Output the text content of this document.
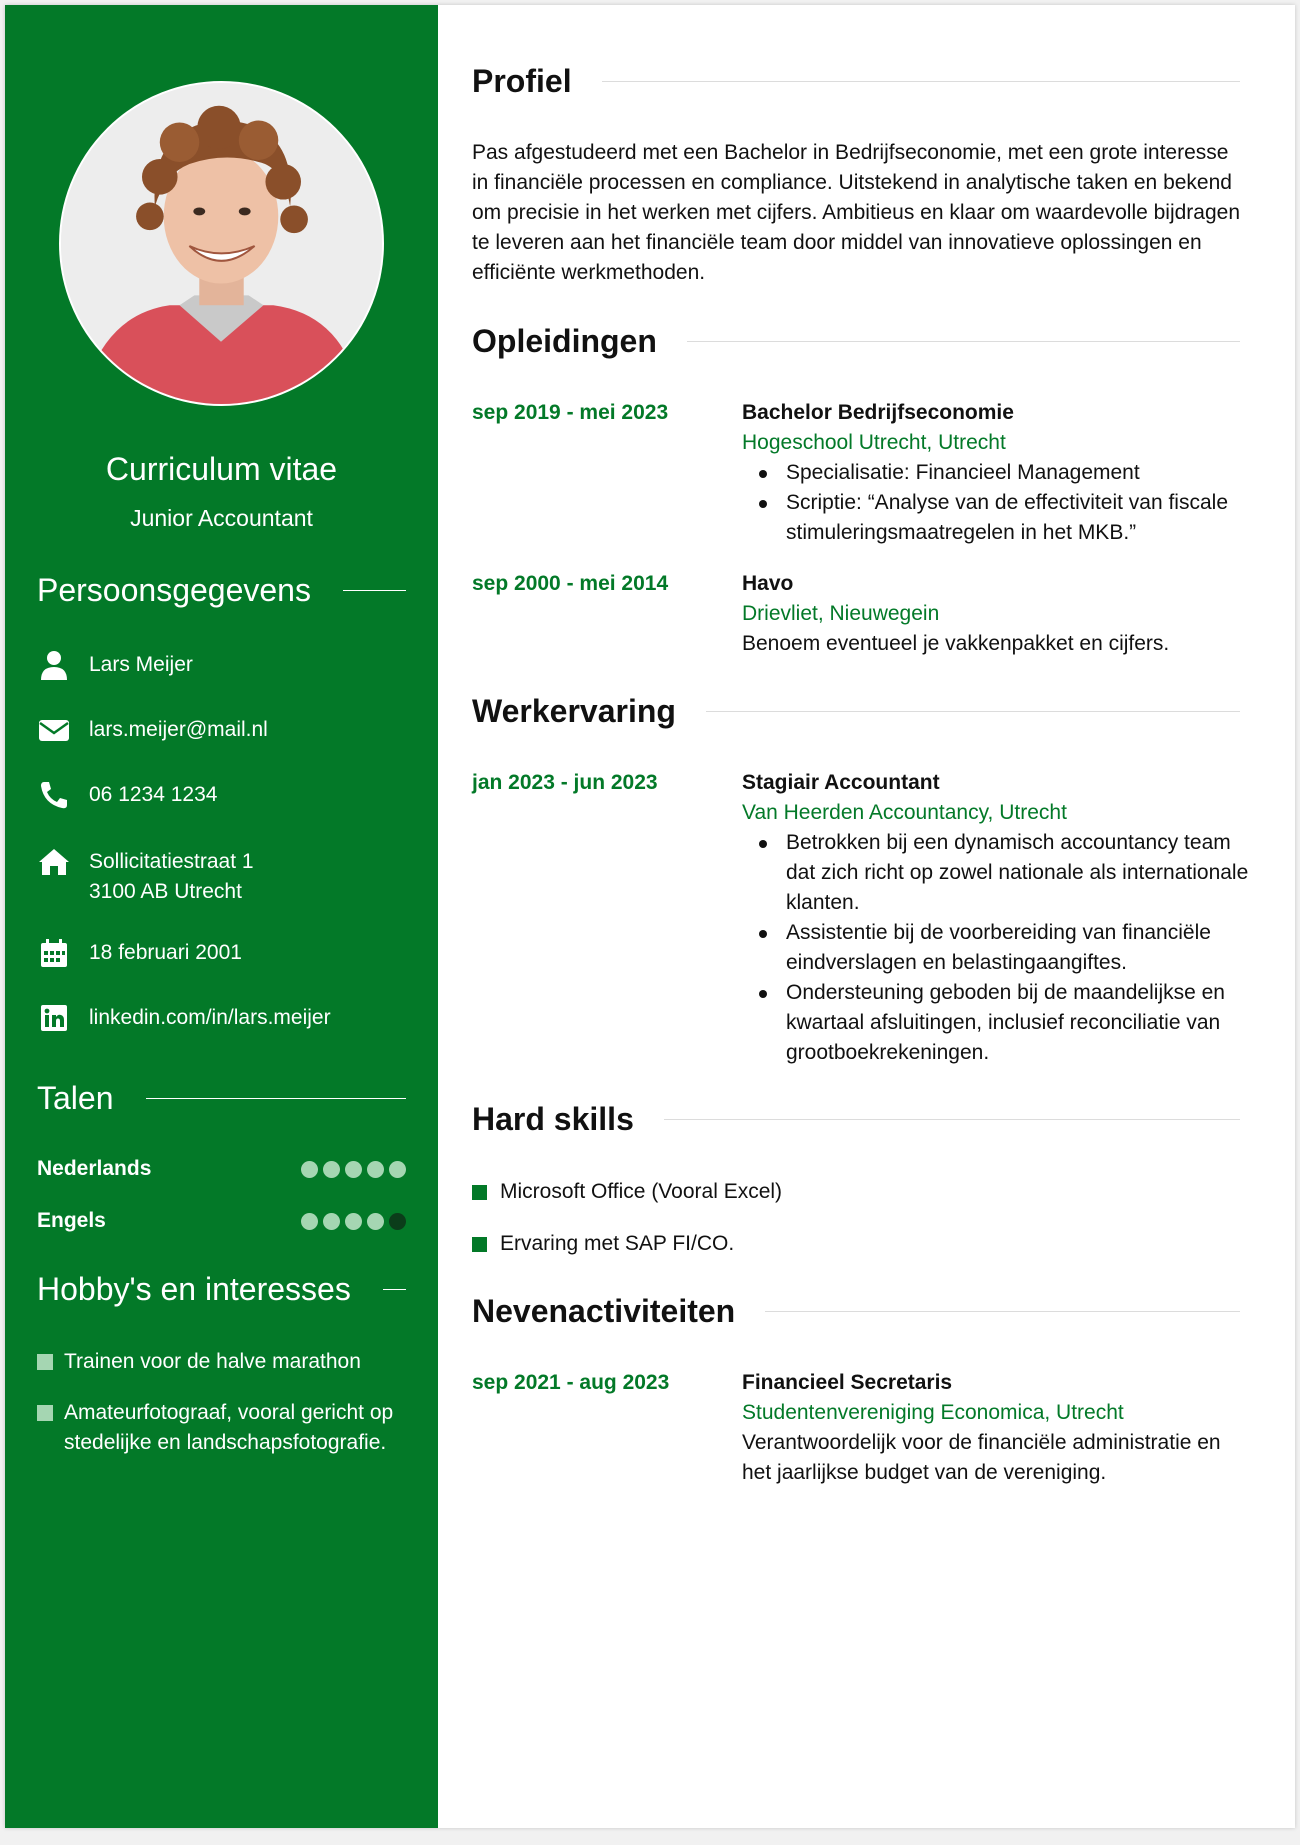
Curriculum vitae
Junior Accountant
Persoonsgegevens
Lars Meijer
lars.meijer@mail.nl
06 1234 1234
Sollicitatiestraat 1
3100 AB Utrecht
18 februari 2001
linkedin.com/in/lars.meijer
Talen
Nederlands
Engels
Hobby's en interesses
Trainen voor de halve marathon
Amateurfotograaf, vooral gericht op stedelijke en landschapsfotografie.
Profiel
Pas afgestudeerd met een Bachelor in Bedrijfseconomie, met een grote interesse in financiële processen en compliance. Uitstekend in analytische taken en bekend om precisie in het werken met cijfers. Ambitieus en klaar om waardevolle bijdragen te leveren aan het financiële team door middel van innovatieve oplossingen en efficiënte werkmethoden.
Opleidingen
sep 2019 - mei 2023	Bachelor Bedrijfseconomie
Hogeschool Utrecht, Utrecht
Specialisatie: Financieel Management
Scriptie: “Analyse van de effectiviteit van fiscale stimuleringsmaatregelen in het MKB.”
sep 2000 - mei 2014	Havo
Drievliet, Nieuwegein
Benoem eventueel je vakkenpakket en cijfers.
Werkervaring
jan 2023 - jun 2023	Stagiair Accountant
Van Heerden Accountancy, Utrecht
Betrokken bij een dynamisch accountancy team dat zich richt op zowel nationale als internationale klanten.
Assistentie bij de voorbereiding van financiële eindverslagen en belastingaangiftes.
Ondersteuning geboden bij de maandelijkse en kwartaal afsluitingen, inclusief reconciliatie van grootboekrekeningen.
Hard skills
Microsoft Office (Vooral Excel)
Ervaring met SAP FI/CO.
Nevenactiviteiten
sep 2021 - aug 2023	Financieel Secretaris
Studentenvereniging Economica, Utrecht
Verantwoordelijk voor de financiële administratie en het jaarlijkse budget van de vereniging.
